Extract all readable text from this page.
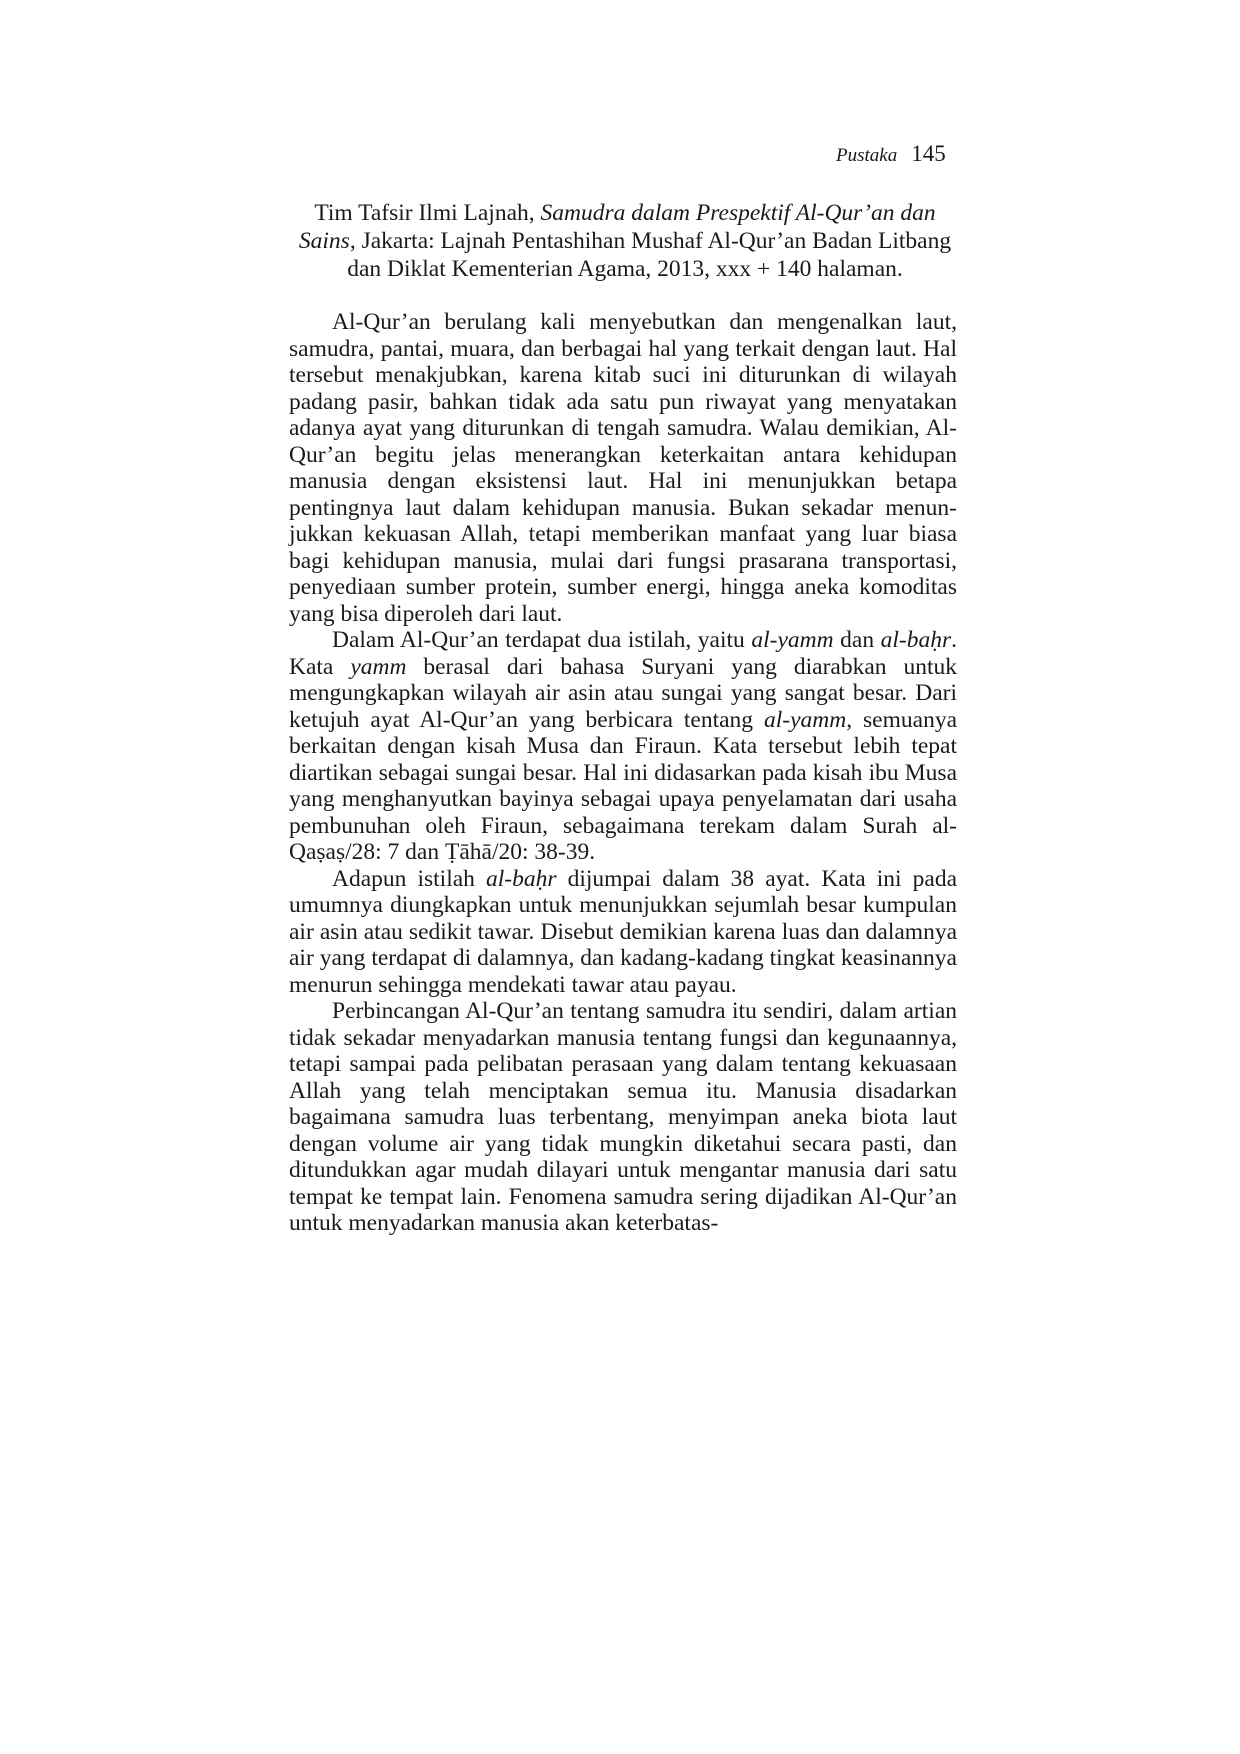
Pustaka 145
Tim Tafsir Ilmi Lajnah, Samudra dalam Prespektif Al-Qur’an dan Sains, Jakarta: Lajnah Pentashihan Mushaf Al-Qur’an Badan Litbang dan Diklat Kementerian Agama, 2013, xxx + 140 halaman.

Al-Qur’an berulang kali menyebutkan dan mengenalkan laut, samudra, pantai, muara, dan berbagai hal yang terkait dengan laut. Hal tersebut menakjubkan, karena kitab suci ini diturunkan di wilayah padang pasir, bahkan tidak ada satu pun riwayat yang menyatakan adanya ayat yang diturunkan di tengah samudra. Walau demikian, Al-Qur’an begitu jelas menerangkan keterkaitan antara kehidupan manusia dengan eksistensi laut. Hal ini menunjukkan betapa pentingnya laut dalam kehidupan manusia. Bukan sekadar menunjukkan kekuasan Allah, tetapi memberikan manfaat yang luar biasa bagi kehidupan manusia, mulai dari fungsi prasarana transportasi, penyediaan sumber protein, sumber energi, hingga aneka komoditas yang bisa diperoleh dari laut.

Dalam Al-Qur’an terdapat dua istilah, yaitu al-yamm dan al-baḥr. Kata yamm berasal dari bahasa Suryani yang diarabkan untuk mengungkapkan wilayah air asin atau sungai yang sangat besar. Dari ketujuh ayat Al-Qur’an yang berbicara tentang al-yamm, semuanya berkaitan dengan kisah Musa dan Firaun. Kata tersebut lebih tepat diartikan sebagai sungai besar. Hal ini didasarkan pada kisah ibu Musa yang menghanyutkan bayinya sebagai upaya penyelamatan dari usaha pembunuhan oleh Firaun, sebagaimana terekam dalam Surah al-Qaṣaṣ/28: 7 dan Ṭāhā/20: 38-39.

Adapun istilah al-baḥr dijumpai dalam 38 ayat. Kata ini pada umumnya diungkapkan untuk menunjukkan sejumlah besar kumpulan air asin atau sedikit tawar. Disebut demikian karena luas dan dalamnya air yang terdapat di dalamnya, dan kadang-kadang tingkat keasinannya menurun sehingga mendekati tawar atau payau.

Perbincangan Al-Qur’an tentang samudra itu sendiri, dalam artian tidak sekadar menyadarkan manusia tentang fungsi dan kegunaannya, tetapi sampai pada pelibatan perasaan yang dalam tentang kekuasaan Allah yang telah menciptakan semua itu. Manusia disadarkan bagaimana samudra luas terbentang, menyimpan aneka biota laut dengan volume air yang tidak mungkin diketahui secara pasti, dan ditundukkan agar mudah dilayari untuk mengantar manusia dari satu tempat ke tempat lain. Fenomena samudra sering dijadikan Al-Qur’an untuk menyadarkan manusia akan keterbatas-
